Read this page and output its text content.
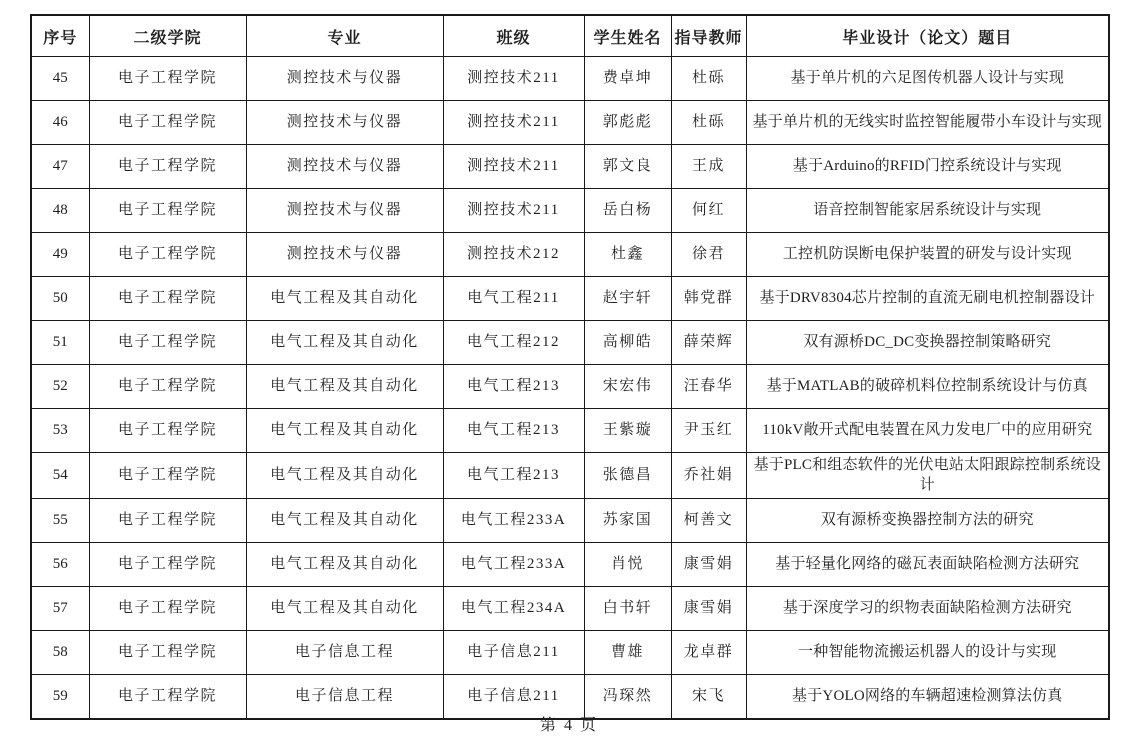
序号	二级学院	专业	班级	学生姓名	指导教师	毕业设计（论文）题目
45	电子工程学院	测控技术与仪器	测控技术211	费卓坤	杜砾	基于单片机的六足图传机器人设计与实现
46	电子工程学院	测控技术与仪器	测控技术211	郭彪彪	杜砾	基于单片机的无线实时监控智能履带小车设计与实现
47	电子工程学院	测控技术与仪器	测控技术211	郭文良	王成	基于Arduino的RFID门控系统设计与实现
48	电子工程学院	测控技术与仪器	测控技术211	岳白杨	何红	语音控制智能家居系统设计与实现
49	电子工程学院	测控技术与仪器	测控技术212	杜鑫	徐君	工控机防误断电保护装置的研发与设计实现
50	电子工程学院	电气工程及其自动化	电气工程211	赵宇轩	韩党群	基于DRV8304芯片控制的直流无刷电机控制器设计
51	电子工程学院	电气工程及其自动化	电气工程212	高柳皓	薛荣辉	双有源桥DC_DC变换器控制策略研究
52	电子工程学院	电气工程及其自动化	电气工程213	宋宏伟	汪春华	基于MATLAB的破碎机料位控制系统设计与仿真
53	电子工程学院	电气工程及其自动化	电气工程213	王紫璇	尹玉红	110kV敞开式配电装置在风力发电厂中的应用研究
54	电子工程学院	电气工程及其自动化	电气工程213	张德昌	乔社娟	基于PLC和组态软件的光伏电站太阳跟踪控制系统设计
55	电子工程学院	电气工程及其自动化	电气工程233A	苏家国	柯善文	双有源桥变换器控制方法的研究
56	电子工程学院	电气工程及其自动化	电气工程233A	肖悦	康雪娟	基于轻量化网络的磁瓦表面缺陷检测方法研究
57	电子工程学院	电气工程及其自动化	电气工程234A	白书轩	康雪娟	基于深度学习的织物表面缺陷检测方法研究
58	电子工程学院	电子信息工程	电子信息211	曹雄	龙卓群	一种智能物流搬运机器人的设计与实现
59	电子工程学院	电子信息工程	电子信息211	冯琛然	宋飞	基于YOLO网络的车辆超速检测算法仿真
第 4 页
